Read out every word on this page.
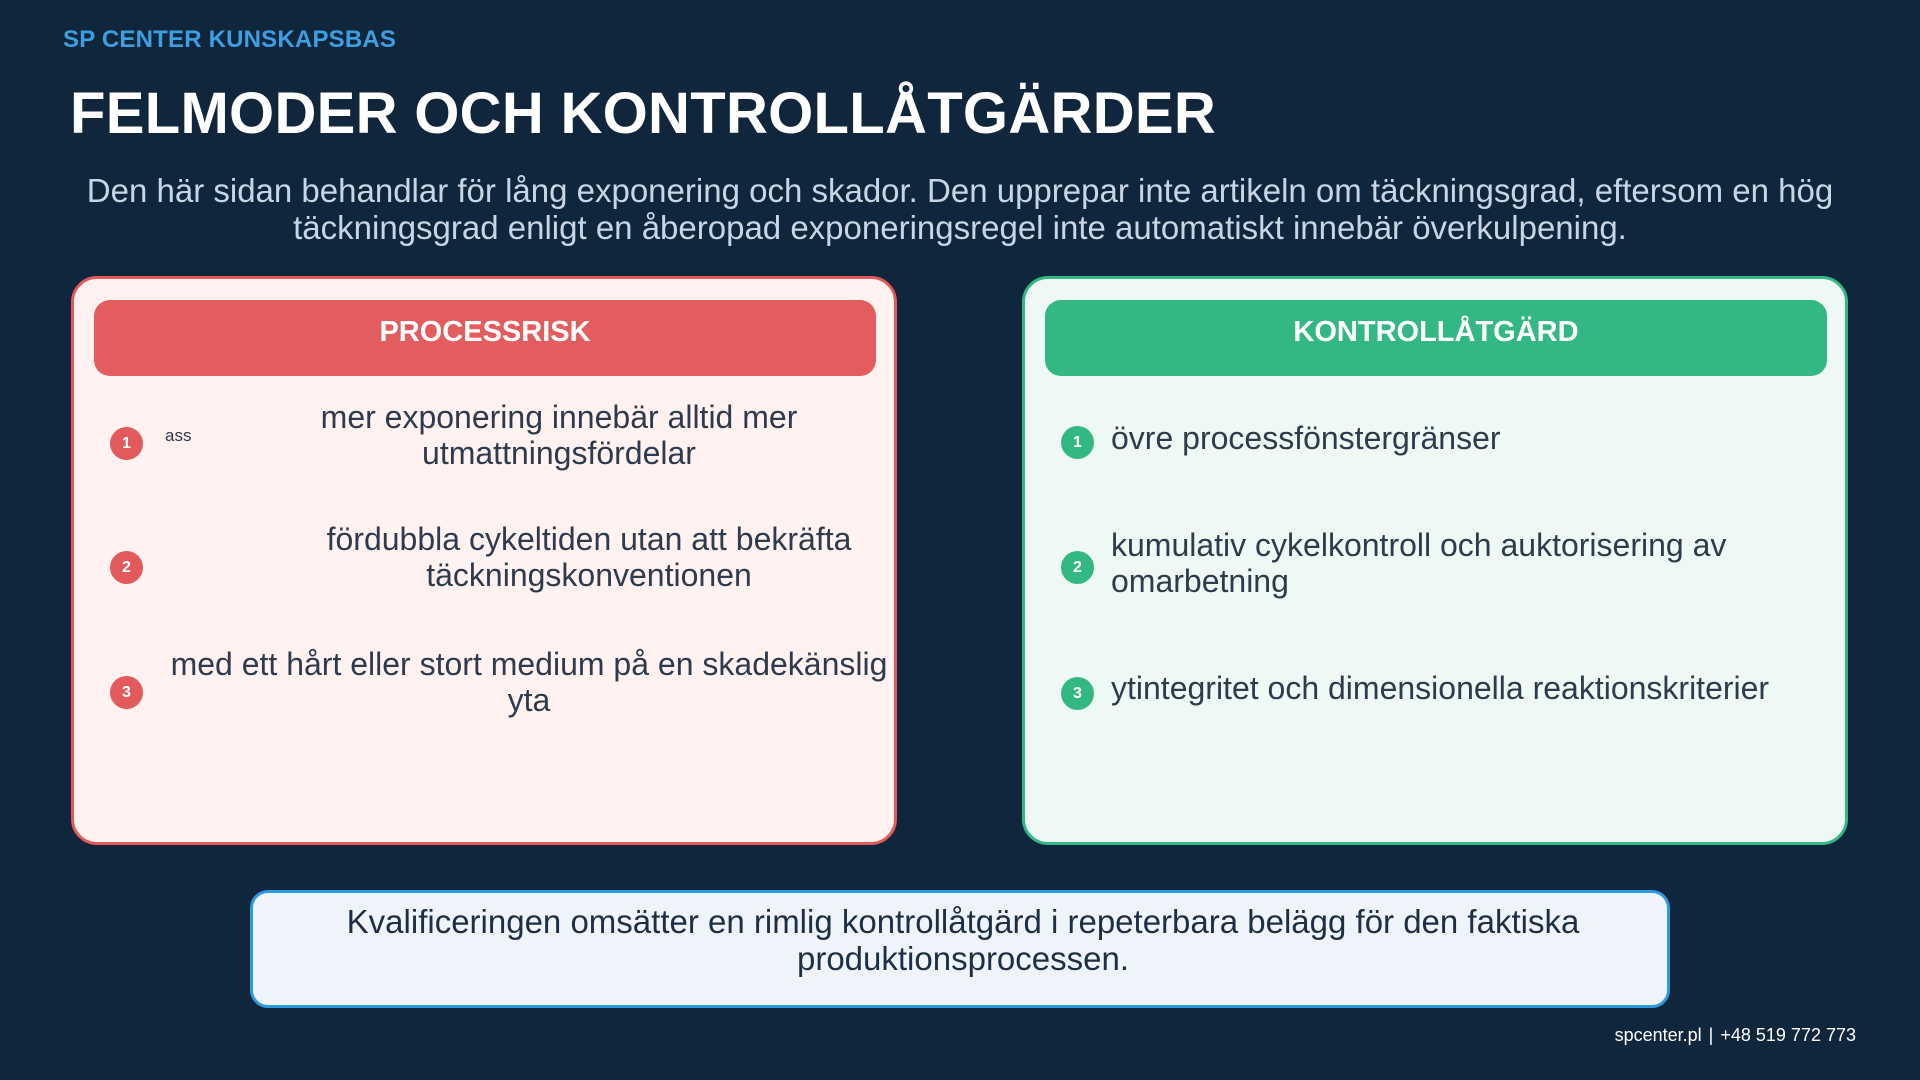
SP CENTER KUNSKAPSBAS
FELMODER OCH KONTROLLÅTGÄRDER
Den här sidan behandlar för lång exponering och skador. Den upprepar inte artikeln om täckningsgrad, eftersom en hög täckningsgrad enligt en åberopad exponeringsregel inte automatiskt innebär överkulpening.
PROCESSRISK
1	ass
mer exponering innebär alltid mer utmattningsfördelar
2
fördubbla cykeltiden utan att bekräfta täckningskonventionen
3
med ett hårt eller stort medium på en skadekänslig yta
KONTROLLÅTGÄRD
1 övre processfönstergränser
2
kumulativ cykelkontroll och auktorisering av omarbetning
3 ytintegritet och dimensionella reaktionskriterier
Kvalificeringen omsätter en rimlig kontrollåtgärd i repeterbara belägg för den faktiska produktionsprocessen.
spcenter.pl | +48 519 772 773
